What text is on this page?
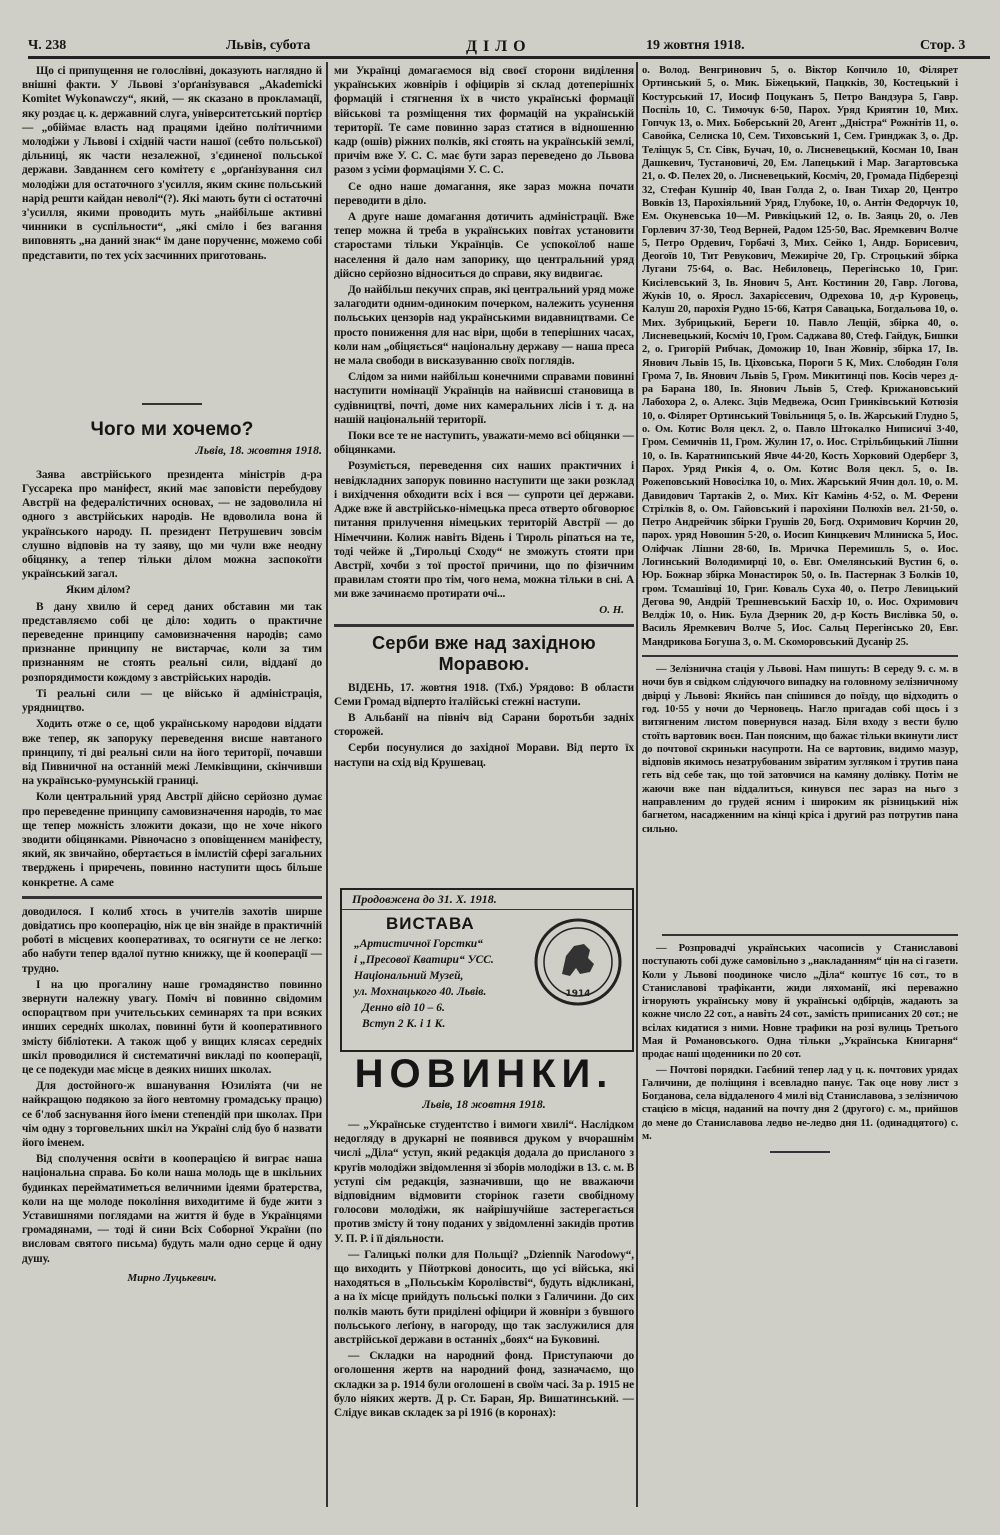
Ч. 238	Львів, субота	ДІЛО	19 жовтня 1918.	Стор. 3

Що сі припущення не голослівні, доказують наглядно й внішні факти. У Львові з'орґанізувався „Akademicki Komitet Wykonawczy“, який, — як сказано в прокламації, яку роздає ц. к. державний слуга, університетський портієр — „обіймає власть над працями ідейно політичними молодіжи у Львові і східній части нашої (себто польської) дільниці, як части незалежної, з'єдиненої польської держави. Завданнєм сего комітету є „орґанізування сил молодіжи для остаточного з'усилля, яким скинє польський нарід решти кайдан неволі“(?). Які мають бути сі остаточні з'усилля, якими проводить муть „найбільше активні чинники в суспільности“, „які сміло і без вагання виповнять „на даний знак“ їм дане порученнє, можемо собі представити, по тех усіх засчинних приготовань.

Чого ми хочемо?
Львів, 18. жовтня 1918.

Заява австрійського президента міністрів д-ра Гуссарека про маніфест, який має заповісти перебудову Австрії на федералістичних основах, — не задоволила ні одного з австрійських народів. Не вдоволила вона й українського народу. П. президент Петрушевич зовсім слушно відповів на ту заяву, що ми чули вже неодну обіцянку, а тепер тільки ділом можна заспокоїти український загал.

Яким ділом?

В дану хвилю й серед даних обставин ми так представляємо собі це діло: ходить о практичне переведенне принципу самовизначення народів; само признанне принципу не вистарчає, коли за тим признанням не стоять реальні сили, відданї до розпорядимости кождому з австрійських народів.

Ті реальні сили — це військо й адміністрація, урядництво.

Ходить отже о се, щоб українському народови віддати вже тепер, як запоруку переведення висше навтаного принципу, ті дві реальні сили на його території, почавши від Пивничної на останній межі Лемківщини, скінчивши на українсько-румунській границі.

Коли центральний уряд Австрії дійсно серйозно думає про переведенне принципу самовизначення народів, то має ще тепер можність зложити докази, що не хоче нікого зводити обіцянками. Рівночасно з оповіщеннєм маніфесту, який, як звичайно, обертається в імлистій сфері загальних тверджень і приречень, повинно наступити щось більше конкретне. А саме

доводилося. І колиб хтось в учителів захотів ширше довідатись про кооперацію, ніж це він знайде в практичній роботі в місцевих кооперативах, то осягнути се не легко: або набути тепер вдалої путню книжку, ще й кооперації — трудно.

І на цю прогалину наше громадянство повинно звернути належну увагу. Поміч ві повинно свідомим оспорацтвом при учительських семинарях та при всяких инших середніх школах, повинні бути й кооперативного змісту бібліотеки. А також щоб у вищих клясах середніх шкіл проводилися й систематичні викладі по кооперації, це се подекуди має місце в деяких ниших школах.

Для достойного-ж вшанування Юзиліята (чи не найкращою подякою за його невтомну громадську працю) се б'лоб заснування його імени степендій при школах. При чім одну з торговельних шкіл на Україні слід буо б назвати його іменем.

Від сполучення освіти в кооперацією й виграє наша національна справа. Бо коли наша молодь ще в шкільних будинках перейматиметься величними ідеями братерства, коли на ще молоде покоління виходитиме й буде жити з Уставишнями поглядами на життя й буде в Українцями громадянами, — тоді й сини Всіх Соборної України (по висловам святого письма) будуть мали одно серце й одну душу.

Мирно Луцькевич.

ми Українці домагаємося від своєї сторони виділення українських жовнірів і офіцирів зі склад дотеперішніх формацій і стягнення їх в чисто українські формації військові та розміщення тих формацій на українській території. Те саме повинно зараз статися в відношенню кадр (ошів) ріжних полків, які стоять на українській землі, причім вже У. С. С. має бути зараз переведено до Львова разом з усіми формаціями У. С. С.

Се одно наше домагання, яке зараз можна почати переводити в діло.

А друге наше домагання дотичить адміністрації. Вже тепер можна й треба в українських повітах установити старостами тільки Українців. Се успокоїлоб наше населення й дало нам запорику, що центральний уряд дійсно серйозно відноситься до справи, яку видвигає.

До найбільш пекучих справ, які центральний уряд може залагодити одним-одиноким почерком, належить усунення польських цензорів над українськими видавництвами. Се просто пониження для нас віри, щоби в теперішних часах, коли нам „обіцяється“ національну державу — наша преса не мала свободи в висказуванню своїх поглядів.

Слідом за ними найбільш конечними справами повинні наступити номінації Українців на найвисші становища в судівництві, почті, доме них камеральних лісів і т. д. на нашій національній території.

Поки все те не наступить, уважати-мемо всі обіцянки — обіцянками.

Розуміється, переведення сих наших практичних і невідкладних запорук повинно наступити ще заки розклад і вихідчення обходити всіх і вся — супроти цеї держави. Адже вже й австрійсько-німецька преса отверто обговорює питання прилучення німецьких територій Австрії — до Німеччини. Колиж навіть Відень і Тироль ріпаться на те, тоді чейже й „Тирольці Сходу“ не зможуть стояти при Австрії, хочби з тої простої причини, що по фізичним правилам стояти про тім, чого нема, можна тільки в сні. А ми вже зачинаємо протирати очі...

О. Н.
Серби вже над західною Моравою.

ВІДЕНЬ, 17. жовтня 1918. (Тхб.) Урядово: В области Семи Громад відперто італійські стежні наступи.

В Альбанії на північ від Сарани боротьби задніх сторожей.

Серби посунулися до західної Морави. Від перто їх наступи на схід від Крушевац.

Продовжена до 31. X. 1918.
ВИСТАВА
„Артистичної Горстки“
і „Пресової Кватири“ УСС.
Національний Музей,
ул. Мохнацького 40. Львів.
Денно від 10 – 6.
Вступ 2 К. і 1 К.
1914
НОВИНКИ.
Львів, 18 жовтня 1918.

— „Українське студентство і вимоги хвилі“. Наслідком недогляду в друкарні не появився друком у вчорашнім числі „Діла“ уступ, який редакція додала до присланого з кругів молодіжи звідомлення зі зборів молодіжи в 13. с. м. В уступі сім редакція, зазначивши, що не вважаючи відповідним відмовити сторінок газети свобідному голосови молодіжи, як найрішучійше застерегається против змісту й тону поданих у звідомленні закидів против У. П. Р. і її діяльности.

— Галицькі полки для Польщі? „Dziennik Narodowy“, що виходить у Пйотркові доносить, що усі війська, які находяться в „Польськім Королівстві“, будуть відкликані, а на їх місце прийдуть польські полки з Галичини. До сих полків мають бути приділені офіцири й жовніри з бувшого польського леґіону, в нагороду, що так заслужилися для австрійської держави в останніх „боях“ на Буковині.

— Складки на народний фонд. Приступаючи до оголошення жертв на народний фонд, зазначаємо, що складки за р. 1914 були оголошені в своїм часі. За р. 1915 не було ніяких жертв. Д р. Ст. Баран, Яр. Вишатинський. — Слідує викав складек за рі 1916 (в коронах):

о. Волод. Венгринович 5, о. Віктор Копчило 10, Філярет Ортинський 5, о. Мик. Біжецький, Пацкків, 30, Костецький і Костурський 17, Иосиф Поцуканъ 5, Петро Вандзура 5, Гавр. Поспіль 10, С. Тимочук 6·50, Парох. Уряд Криятин 10, Мих. Гопчук 13, о. Мих. Боберський 20, Агент „Дністра“ Рожнітів 11, о. Савойка, Селиска 10, Сем. Тиховський 1, Сем. Гринджак 3, о. Др. Теліщук 5, Ст. Сівк, Бучач, 10, о. Лисневецький, Косман 10, Іван Дашкевич, Тустановичі, 20, Ем. Лапецький і Мар. Загартовська 21, о. Ф. Пелех 20, о. Лисневецький, Косміч, 20, Громада Підберезці 32, Стефан Кушнір 40, Іван Голда 2, о. Іван Тихар 20, Центро Вовків 13, Парохіяльний Уряд, Глубоке, 10, о. Антін Федорчук 10, Ем. Окуневська 10—М. Ривкіцький 12, о. Ів. Заяць 20, о. Лев Горлевич 37·30, Теод Верней, Радом 125·50, Вас. Яремкевич Волче 5, Петро Ордевич, Горбачі 3, Мих. Сейко 1, Андр. Борисевич, Деогоїв 10, Тит Ревукович, Межиріче 20, Гр. Строцький збірка Лугани 75·64, о. Вас. Небиловець, Перегінсько 10, Григ. Кисілевський 3, Ів. Янович 5, Ант. Костинин 20, Гавр. Логова, Жуків 10, о. Яросл. Захарієсевич, Одрехова 10, д-р Куровець, Калуш 20, парохія Рудно 15·66, Катря Савацька, Богдальова 10, о. Мих. Зубрицький, Береги 10. Павло Лещій, збірка 40, о. Лисневецький, Косміч 10, Гром. Саджава 80, Стеф. Гайдук, Бишки 2, о. Григорій Рибчак, Доможир 10, Іван Жовнір, збірка 17, Ів. Янович Львів 15, Ів. Ціховська, Пороги 5 К, Мих. Слободян Голя Грома 7, Ів. Янович Львів 5, Гром. Микитинці пов. Косів через д-ра Барана 180, Ів. Янович Львів 5, Стеф. Крижановський Лабохора 2, о. Алекс. Зців Медвежа, Осип Гринківський Котюзія 10, о. Філярет Ортинський Товільниця 5, о. Ів. Жарський Глудно 5, о. Ом. Котис Воля цекл. 2, о. Павло Штокалко Ниписичі 3·40, Гром. Семичнів 11, Гром. Жулин 17, о. Иос. Стрільбицький Лішни 10, о. Ів. Каратнипський Явче 44·20, Кость Хорковий Одерберг 3, Парох. Уряд Рикія 4, о. Ом. Котис Воля цекл. 5, о. Ів. Рожеповський Новосілка 10, о. Мих. Жарський Ячин дол. 10, о. М. Давидович Тартаків 2, о. Мих. Кіт Камінь 4·52, о. М. Ферени Стрілків 8, о. Ом. Гайовський і парохіяни Полюхів вел. 21·50, о. Петро Андрейчик збірки Грушів 20, Богд. Охримович Корчин 20, парох. уряд Новошин 5·20, о. Иосип Кинцкевич Млиниска 5, Иос. Оліфчак Лішни 28·60, Ів. Мричка Перемишль 5, о. Иос. Логинський Володимирці 10, о. Евг. Омелянський Вустин 6, о. Юр. Божнар збірка Монастирок 50, о. Ів. Пастернак З Болків 10, гром. Тсмашівці 10, Григ. Коваль Суха 40, о. Петро Левицький Дегова 90, Андрій Трешневський Басхір 10, о. Иос. Охримович Велдіж 10, о. Ник. Була Дзерник 20, д-р Кость Вислівка 50, о. Василь Яремкевич Волче 5, Иос. Сальц Перегінсько 20, Евг. Мандрикова Богуша 3, о. М. Скоморовський Дусанір 25.

— Зелізнична стація у Львові. Нам пишуть: В середу 9. с. м. в ночи був я свідком слідуючого випадку на головному зелізничному двірці у Львові: Якийсь пан спішився до поїзду, що відходить о год. 10·55 у ночи до Черновець. Нагло пригадав собі щось і з витягненим листом повернувся назад. Біля входу з вести булю стоїть вартовик воєн. Пан поясним, що бажає тільки вкинути лист до почтової скриньки насупроти. На се вартовик, видимо мазур, відповів якимось незатрубованим звіратим зугляком і трутив пана геть від себе так, що той затовчися на камяну долівку. Потім не жаючи вже пан віддалиться, кинувся пес зараз на ньго з направленим до грудей ясним і широким як різницький ніж багнетом, насадженним на кінці кріса і другий раз потрутив пана сильно.

— Розпровадчі українських часописів у Станиславові поступають собі дуже самовільно з „накладанням“ цін на сі газети. Коли у Львові поодиноке число „Діла“ коштує 16 сот., то в Станиславові трафіканти, жиди ляхоманії, які переважно ігнорують українську мову й українські одбірців, жадають за кожне число 22 сот., а навіть 24 сот., замість приписаних 20 сот.; не всілах кидатися з ними. Новне трафики на розі вулиць Третього Мая й Романовського. Одна тільки „Українська Книгарня“ продає наші щоденники по 20 сот.

— Почтові порядки. Гаєбний тепер лад у ц. к. почтових урядах Галичини, де поліщиня і всевладно панує. Так оце нову лист з Богданова, села віддаленого 4 милі від Станиславова, з зелізничою стацією в місця, наданий на почту дня 2 (другого) с. м., прийшов до мене до Станиславова ледво не-ледво дня 11. (одинадцятого) с. м.
